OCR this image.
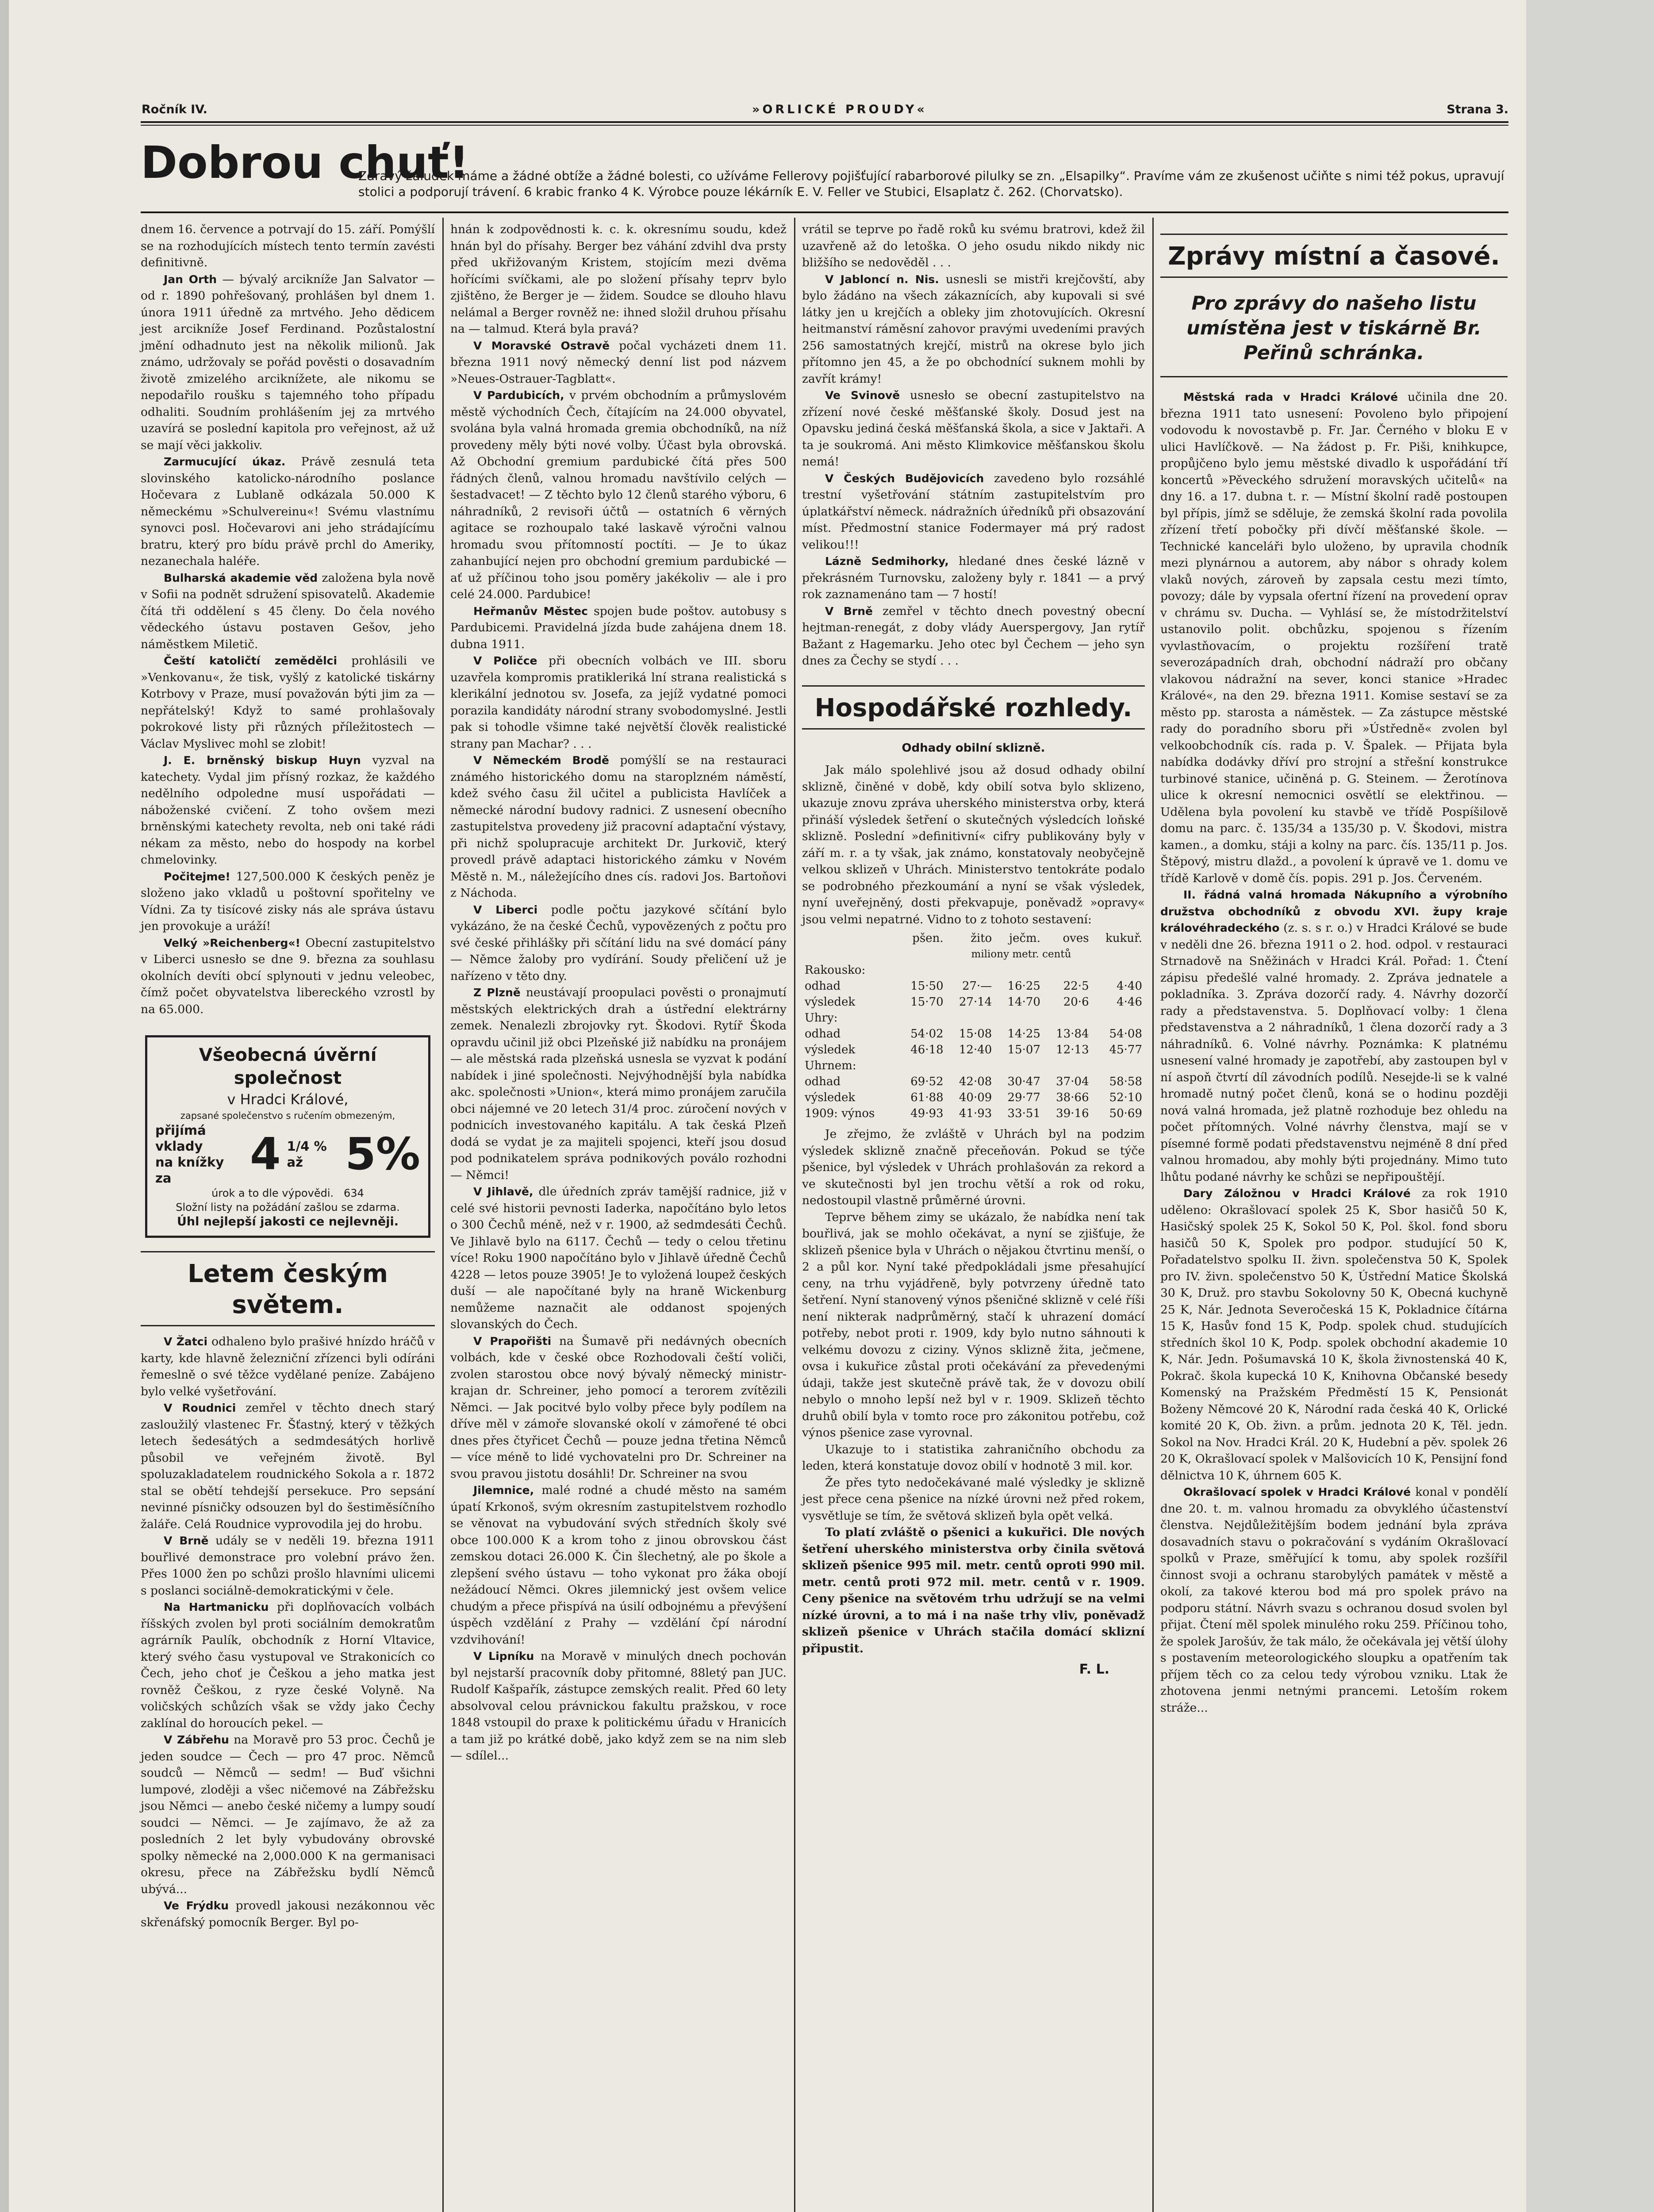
Ročník IV.	»ORLICKÉ PROUDY«	Strana 3.
Dobrou chuť!
Zdravý žaludek máme a žádné obtíže a žádné bolesti, co užíváme Fellerovy pojišťující rabarborové pilulky se zn. „Elsapilky“. Pravíme vám ze zkušenost učiňte s nimi též pokus, upravují stolici a podporují trávení. 6 krabic franko 4 K. Výrobce pouze lékárník E. V. Feller ve Stubici, Elsaplatz č. 262. (Chorvatsko).

dnem 16. července a potrvají do 15. září. Pomýšlí se na rozhodujících místech tento termín zavésti definitivně.

Jan Orth — bývalý arcikníže Jan Salvator — od r. 1890 pohřešovaný, prohlášen byl dnem 1. února 1911 úředně za mrtvého. Jeho dědicem jest arcikníže Josef Ferdinand. Pozůstalostní jmění odhadnuto jest na několik milionů. Jak známo, udržovaly se pořád pověsti o dosavadním životě zmizelého arciknížete, ale nikomu se nepodařilo roušku s tajemného toho případu odhaliti. Soudním prohlášením jej za mrtvého uzavírá se poslední kapitola pro veřejnost, až už se mají věci jakkoliv.

Zarmucující úkaz. Právě zesnulá teta slovinského katolicko-národního poslance Hočevara z Lublaně odkázala 50.000 K německému »Schulvereinu«! Svému vlastnímu synovci posl. Hočevarovi ani jeho strádajícímu bratru, který pro bídu právě prchl do Ameriky, nezanechala haléře.

Bulharská akademie věd založena byla nově v Sofii na podnět sdružení spisovatelů. Akademie čítá tři oddělení s 45 členy. Do čela nového vědeckého ústavu postaven Gešov, jeho náměstkem Miletič.

Čeští katoličtí zemědělci prohlásili ve »Venkovanu«, že tisk, vyšlý z katolické tiskárny Kotrbovy v Praze, musí považován býti jim za — nepřátelský! Když to samé prohlašovaly pokrokové listy při různých příležitostech — Václav Myslivec mohl se zlobit!

J. E. brněnský biskup Huyn vyzval na katechety. Vydal jim přísný rozkaz, že každého nedělního odpoledne musí uspořádati — náboženské cvičení. Z toho ovšem mezi brněnskými katechety revolta, neb oni také rádi nékam za město, nebo do hospody na korbel chmelovinky.

Počitejme! 127,500.000 K českých peněz je složeno jako vkladů u poštovní spořitelny ve Vídni. Za ty tisícové zisky nás ale správa ústavu jen provokuje a uráží!

Velký »Reichenberg«! Obecní zastupitelstvo v Liberci usnesło se dne 9. března za souhlasu okolních devíti obcí splynouti v jednu veleobec, čímž počet obyvatelstva libereckého vzrostl by na 65.000.

Všeobecná úvěrní společnost
v Hradci Králové,
zapsané společenstvo s ručením obmezeným,
přijímá vklady
na knížky za	4 1/4 % až 5%
úrok a to dle výpovědi. 634
Složní listy na požádání zašlou se zdarma.
Úhl nejlepší jakosti ce nejlevněji.
Letem českým světem.

V Žatci odhaleno bylo prašivé hnízdo hráčů v karty, kde hlavně železniční zřízenci byli odíráni řemeslně o své těžce vydělané peníze. Zabájeno bylo velké vyšetřování.

V Roudnici zemřel v těchto dnech starý zasloužilý vlastenec Fr. Šťastný, který v těžkých letech šedesátých a sedmdesátých horlivě působil ve veřejném životě. Byl spoluzakladatelem roudnického Sokola a r. 1872 stal se obětí tehdejší persekuce. Pro sepsání nevinné písničky odsouzen byl do šestiměsíčního žaláře. Celá Roudnice vyprovodila jej do hrobu.

V Brně udály se v neděli 19. března 1911 bouřlivé demonstrace pro volební právo žen. Přes 1000 žen po schůzi prošlo hlavními ulicemi s poslanci sociálně-demokratickými v čele.

Na Hartmanicku při doplňovacích volbách říšských zvolen byl proti sociálním demokratům agrárník Paulík, obchodník z Horní Vltavice, který svého času vystupoval ve Strakonicích co Čech, jeho choť je Češkou a jeho matka jest rovněž Češkou, z ryze české Volyně. Na voličských schůzích však se vždy jako Čechy zaklínal do horoucích pekel. —

V Zábřehu na Moravě pro 53 proc. Čechů je jeden soudce — Čech — pro 47 proc. Němců soudců — Němců — sedm! — Buď všichni lumpové, zloději a všec ničemové na Zábřežsku jsou Němci — anebo české ničemy a lumpy soudí soudci — Němci. — Je zajímavo, že až za posledních 2 let byly vybudovány obrovské spolky německé na 2,000.000 K na germanisaci okresu, přece na Zábřežsku bydlí Němců ubývá...

Ve Frýdku provedl jakousi nezákonnou věc skřenáfský pomocník Berger. Byl po-

hnán k zodpovědnosti k. c. k. okresnímu soudu, kdež hnán byl do přísahy. Berger bez váhání zdvihl dva prsty před ukřižovaným Kristem, stojícím mezi dvěma hořícími svíčkami, ale po složení přísahy teprv bylo zjištěno, že Berger je — židem. Soudce se dlouho hlavu nelámal a Berger rovněž ne: ihned složil druhou přísahu na — talmud. Která byla pravá?

V Moravské Ostravě počal vycházeti dnem 11. března 1911 nový německý denní list pod názvem »Neues-Ostrauer-Tagblatt«.

V Pardubicích, v prvém obchodním a průmyslovém městě východních Čech, čítajícím na 24.000 obyvatel, svolána byla valná hromada gremia obchodníků, na níž provedeny měly býti nové volby. Účast byla obrovská. Až Obchodní gremium pardubické čítá přes 500 řádných členů, valnou hromadu navštívilo celých — šestadvacet! — Z těchto bylo 12 členů starého výboru, 6 náhradníků, 2 revisoři účtů — ostatních 6 věrných agitace se rozhoupalo také laskavě výročni valnou hromadu svou přítomností poctíti. — Je to úkaz zahanbující nejen pro obchodní gremium pardubické — ať už příčinou toho jsou poměry jakékoliv — ale i pro celé 24.000. Pardubice!

Heřmanův Městec spojen bude poštov. autobusy s Pardubicemi. Pravidelná jízda bude zahájena dnem 18. dubna 1911.

V Poličce při obecních volbách ve III. sboru uzavřela kompromis pratikleriká lní strana realistická s klerikální jednotou sv. Josefa, za jejíž vydatné pomoci porazila kandidáty národní strany svobodomyslné. Jestli pak si tohodle všimne také největší člověk realistické strany pan Machar? . . .

V Německém Brodě pomýšlí se na restauraci známého historického domu na staroplzném náměstí, kdež svého času žil učitel a publicista Havlíček a německé národní budovy radnici. Z usnesení obecního zastupitelstva provedeny již pracovní adaptační výstavy, při nichž spolupracuje architekt Dr. Jurkovič, který provedl právě adaptaci historického zámku v Novém Městě n. M., náležejícího dnes cís. radovi Jos. Bartoňovi z Náchoda.

V Liberci podle počtu jazykové sčítání bylo vykázáno, že na české Čechů, vypovězených z počtu pro své české přihlášky při sčítání lidu na své domácí pány — Němce žaloby pro vydírání. Soudy přeličení už je nařízeno v těto dny.

Z Plzně neustávají proopulaci pověsti o pronajmutí městských elektrických drah a ústřední elektrárny zemek. Nenalezli zbrojovky ryt. Škodovi. Rytíř Škoda opravdu učinil již obci Plzeňské již nabídku na pronájem — ale městská rada plzeňská usnesla se vyzvat k podání nabídek i jiné společnosti. Nejvýhodnější byla nabídka akc. společnosti »Union«, která mimo pronájem zaručila obci nájemné ve 20 letech 31/4 proc. zúročení nových v podnicích investovaného kapitálu. A tak česká Plzeň dodá se vydat je za majiteli spojenci, kteří jsou dosud pod podnikatelem správa podnikových poválo rozhodni — Němci!

V Jihlavě, dle úředních zpráv tamější radnice, již v celé své historii pevnosti Iaderka, napočítáno bylo letos o 300 Čechů méně, než v r. 1900, až sedmdesáti Čechů. Ve Jihlavě bylo na 6117. Čechů — tedy o celou třetinu více! Roku 1900 napočítáno bylo v Jihlavě úředně Čechů 4228 — letos pouze 3905! Je to vyložená loupež českých duší — ale napočítané byly na hraně Wickenburg nemůžeme naznačit ale oddanost spojených slovanských do Čech.

V Prapořišti na Šumavě při nedávných obecních volbách, kde v české obce Rozhodovali čeští voliči, zvolen starostou obce nový bývalý německý ministr-krajan dr. Schreiner, jeho pomocí a terorem zvítězili Němci. — Jak pocitvé bylo volby přece byly podílem na dříve měl v zámoře slovanské okolí v zámořené té obci dnes přes čtyřicet Čechů — pouze jedna třetina Němců — více méně to lidé vychovatelni pro Dr. Schreiner na svou pravou jistotu dosáhli! Dr. Schreiner na svou

Jilemnice, malé rodné a chudé město na samém úpatí Krkonoš, svým okresním zastupitelstvem rozhodlo se věnovat na vybudování svých středních školy své obce 100.000 K a krom toho z jinou obrovskou část zemskou dotaci 26.000 K. Čin šlechetný, ale po škole a zlepšení svého ústavu — toho vykonat pro žáka obojí nežádoucí Němci. Okres jilemnický jest ovšem velice chudým a přece přispívá na úsilí odbojnému a převýšení úspěch vzdělání z Prahy — vzdělání čpí národní vzdvihování!

V Lipníku na Moravě v minulých dnech pochován byl nejstarší pracovník doby přitomné, 88letý pan JUC. Rudolf Kašpařík, zástupce zemských realit. Před 60 lety absolvoval celou právnickou fakultu pražskou, v roce 1848 vstoupil do praxe k politickému úřadu v Hranicích a tam již po krátké době, jako když zem se na nim sleb — sdílel...

vrátil se teprve po řadě roků ku svému bratrovi, kdež žil uzavřeně až do letoška. O jeho osudu nikdo nikdy nic bližšího se nedověděl . . .

V Jabloncí n. Nis. usnesli se mistři krejčovští, aby bylo žádáno na všech zákaznících, aby kupovali si své látky jen u krejčích a obleky jim zhotovujících. Okresní heitmanství ráměsní zahovor pravými uvedeními pravých 256 samostatných krejčí, mistrů na okrese bylo jich přítomno jen 45, a že po obchodnící suknem mohli by zavřít krámy!

Ve Svinově usnesło se obecní zastupitelstvo na zřízení nové české měšťanské školy. Dosud jest na Opavsku jediná česká měšťanská škola, a sice v Jaktaři. A ta je soukromá. Ani město Klimkovice měšťanskou školu nemá!

V Českých Budějovicích zavedeno bylo rozsáhlé trestní vyšetřování státním zastupitelstvím pro úplatkářství německ. nádražních úředníků při obsazování míst. Předmostní stanice Fodermayer má prý radost velikou!!!

Lázně Sedmihorky, hledané dnes české lázně v překrásném Turnovsku, založeny byly r. 1841 — a prvý rok zaznamenáno tam — 7 hostí!

V Brně zemřel v těchto dnech povestný obecní hejtman-renegát, z doby vlády Auerspergovy, Jan rytíř Bažant z Hagemarku. Jeho otec byl Čechem — jeho syn dnes za Čechy se stydí . . .

Hospodářské rozhledy.
Odhady obilní sklizně.

Jak málo spolehlivé jsou až dosud odhady obilní sklizně, činěné v době, kdy obilí sotva bylo sklizeno, ukazuje znovu zpráva uherského ministerstva orby, která přináší výsledek šetření o skutečných výsledcích loňské sklizně. Poslední »definitivní« cifry publikovány byly v září m. r. a ty však, jak známo, konstatovaly neobyčejně velkou sklizeň v Uhrách. Ministerstvo tentokráte podalo se podrobného přezkoumání a nyní se však výsledek, nyní uveřejněný, dosti překvapuje, poněvadž »opravy« jsou velmi nepatrné. Vidno to z tohoto sestavení:

	pšen.	žito	ječm.	oves	kukuř.
	miliony metr. centů				
Rakousko:					
odhad	15·50	27·—	16·25	22·5	4·40
výsledek	15·70	27·14	14·70	20·6	4·46
Uhry:					
odhad	54·02	15·08	14·25	13·84	54·08
výsledek	46·18	12·40	15·07	12·13	45·77
Uhrnem:					
odhad	69·52	42·08	30·47	37·04	58·58
výsledek	61·88	40·09	29·77	38·66	52·10
1909: výnos	49·93	41·93	33·51	39·16	50·69

Je zřejmo, že zvláště v Uhrách byl na podzim výsledek sklizně značně přeceňován. Pokud se týče pšenice, byl výsledek v Uhrách prohlašován za rekord a ve skutečnosti byl jen trochu větší a rok od roku, nedostoupil vlastně průměrné úrovni.

Teprve během zimy se ukázalo, že nabídka není tak bouřlivá, jak se mohlo očekávat, a nyní se zjišťuje, že sklizeň pšenice byla v Uhrách o nějakou čtvrtinu menší, o 2 a půl kor. Nyní také předpokládali jsme přesahující ceny, na trhu vyjádřeně, byly potvrzeny úředně tato šetření. Nyní stanovený výnos pšeničné sklizně v celé říši není nikterak nadprůměrný, stačí k uhrazení domácí potřeby, nebot proti r. 1909, kdy bylo nutno sáhnouti k velkému dovozu z ciziny. Výnos sklizně žita, ječmene, ovsa i kukuřice zůstal proti očekávání za převedenými údaji, takže jest skutečně právě tak, že v dovozu obilí nebylo o mnoho lepší než byl v r. 1909. Sklizeň těchto druhů obilí byla v tomto roce pro zákonitou potřebu, což výnos pšenice zase vyrovnal.

Ukazuje to i statistika zahraničního obchodu za leden, která konstatuje dovoz obilí v hodnotě 3 mil. kor.

Že přes tyto nedočekávané malé výsledky je sklizně jest přece cena pšenice na nízké úrovni než před rokem, vysvětluje se tím, že světová sklizeň byla opět velká.

To platí zvláště o pšenici a kukuřici. Dle nových šetření uherského ministerstva orby činila světová sklizeň pšenice 995 mil. metr. centů oproti 990 mil. metr. centů proti 972 mil. metr. centů v r. 1909. Ceny pšenice na světovém trhu udržují se na velmi nízké úrovni, a to má i na naše trhy vliv, poněvadž sklizeň pšenice v Uhrách stačila domácí sklizní připustit.

F. L.
Zprávy místní a časové.
Pro zprávy do našeho listu umístěna jest v tiskárně Br. Peřinů schránka.

Městská rada v Hradci Králové učinila dne 20. března 1911 tato usnesení: Povoleno bylo připojení vodovodu k novostavbě p. Fr. Jar. Černého v bloku E v ulici Havlíčkově. — Na žádost p. Fr. Piši, knihkupce, propůjčeno bylo jemu městské divadlo k uspořádání tří koncertů »Pěveckého sdružení moravských učitelů« na dny 16. a 17. dubna t. r. — Místní školní radě postoupen byl přípis, jímž se sděluje, že zemská školní rada povolila zřízení třetí pobočky při dívčí měšťanské škole. — Technické kanceláři bylo uloženo, by upravila chodník mezi plynárnou a autorem, aby nábor s ohrady kolem vlaků nových, zároveň by zapsala cestu mezi tímto, povozy; dále by vypsala ofertní řízení na provedení oprav v chrámu sv. Ducha. — Vyhlásí se, že místodržitelství ustanovilo polit. obchůzku, spojenou s řízením vyvlastňovacím, o projektu rozšíření tratě severozápadních drah, obchodní nádraží pro občany vlakovou nádražní na sever, konci stanice »Hradec Králové«, na den 29. března 1911. Komise sestaví se za město pp. starosta a náměstek. — Za zástupce městské rady do poradního sboru při »Ústředně« zvolen byl velkoobchodník cís. rada p. V. Špalek. — Přijata byla nabídka dodávky dříví pro strojní a střešní konstrukce turbinové stanice, učiněná p. G. Steinem. — Žerotínova ulice k okresní nemocnici osvětlí se elektřinou. — Udělena byla povolení ku stavbě ve třídě Pospíšilově domu na parc. č. 135/34 a 135/30 p. V. Škodovi, mistra kamen., a domku, stáji a kolny na parc. čís. 135/11 p. Jos. Štěpový, mistru dlažd., a povolení k úpravě ve 1. domu ve třídě Karlově v domě čís. popis. 291 p. Jos. Červeném.

II. řádná valná hromada Nákupního a výrobního družstva obchodníků z obvodu XVI. župy kraje královéhradeckého (z. s. s r. o.) v Hradci Králové se bude v neděli dne 26. března 1911 o 2. hod. odpol. v restauraci Strnadově na Sněžinách v Hradci Král. Pořad: 1. Čtení zápisu předešlé valné hromady. 2. Zpráva jednatele a pokladníka. 3. Zpráva dozorčí rady. 4. Návrhy dozorčí rady a představenstva. 5. Doplňovací volby: 1 člena představenstva a 2 náhradníků, 1 člena dozorčí rady a 3 náhradníků. 6. Volné návrhy. Poznámka: K platnému usnesení valné hromady je zapotřebí, aby zastoupen byl v ní aspoň čtvrtí díl závodních podílů. Nesejde-li se k valné hromadě nutný počet členů, koná se o hodinu později nová valná hromada, jež platně rozhoduje bez ohledu na počet přítomných. Volné návrhy členstva, mají se v písemné formě podati představenstvu nejméně 8 dní před valnou hromadou, aby mohly býti projednány. Mimo tuto lhůtu podané návrhy ke schůzi se nepřipouštějí.

Dary Záložnou v Hradci Králové za rok 1910 uděleno: Okrašlovací spolek 25 K, Sbor hasičů 50 K, Hasičský spolek 25 K, Sokol 50 K, Pol. škol. fond sboru hasičů 50 K, Spolek pro podpor. studující 50 K, Pořadatelstvo spolku II. živn. společenstva 50 K, Spolek pro IV. živn. společenstvo 50 K, Ústřední Matice Školská 30 K, Druž. pro stavbu Sokolovny 50 K, Obecná kuchyně 25 K, Nár. Jednota Severočeská 15 K, Pokladnice čítárna 15 K, Hasův fond 15 K, Podp. spolek chud. studujících středních škol 10 K, Podp. spolek obchodní akademie 10 K, Nár. Jedn. Pošumavská 10 K, škola živnostenská 40 K, Pokrač. škola kupecká 10 K, Knihovna Občanské besedy Komenský na Pražském Předměstí 15 K, Pensionát Boženy Němcové 20 K, Národní rada česká 40 K, Orlické komité 20 K, Ob. živn. a prům. jednota 20 K, Těl. jedn. Sokol na Nov. Hradci Král. 20 K, Hudební a pěv. spolek 26 20 K, Okrašlovací spolek v Malšovicích 10 K, Pensijní fond dělnictva 10 K, úhrnem 605 K.

Okrašlovací spolek v Hradci Králové konal v pondělí dne 20. t. m. valnou hromadu za obvyklého účastenství členstva. Nejdůležitějším bodem jednání byla zpráva dosavadních stavu o pokračování s vydáním Okrašlovací spolků v Praze, směřující k tomu, aby spolek rozšířil činnost svoji a ochranu starobylých památek v městě a okolí, za takové kterou bod má pro spolek právo na podporu státní. Návrh svazu s ochranou dosud svolen byl přijat. Čtení měl spolek minulého roku 259. Příčinou toho, že spolek Jarošúv, že tak málo, že očekávala jej větší úlohy s postavením meteorologického sloupku a opatřením tak příjem těch co za celou tedy výrobou vzniku. Ltak že zhotovena jenmi netnými prancemi. Letoším rokem stráže...
